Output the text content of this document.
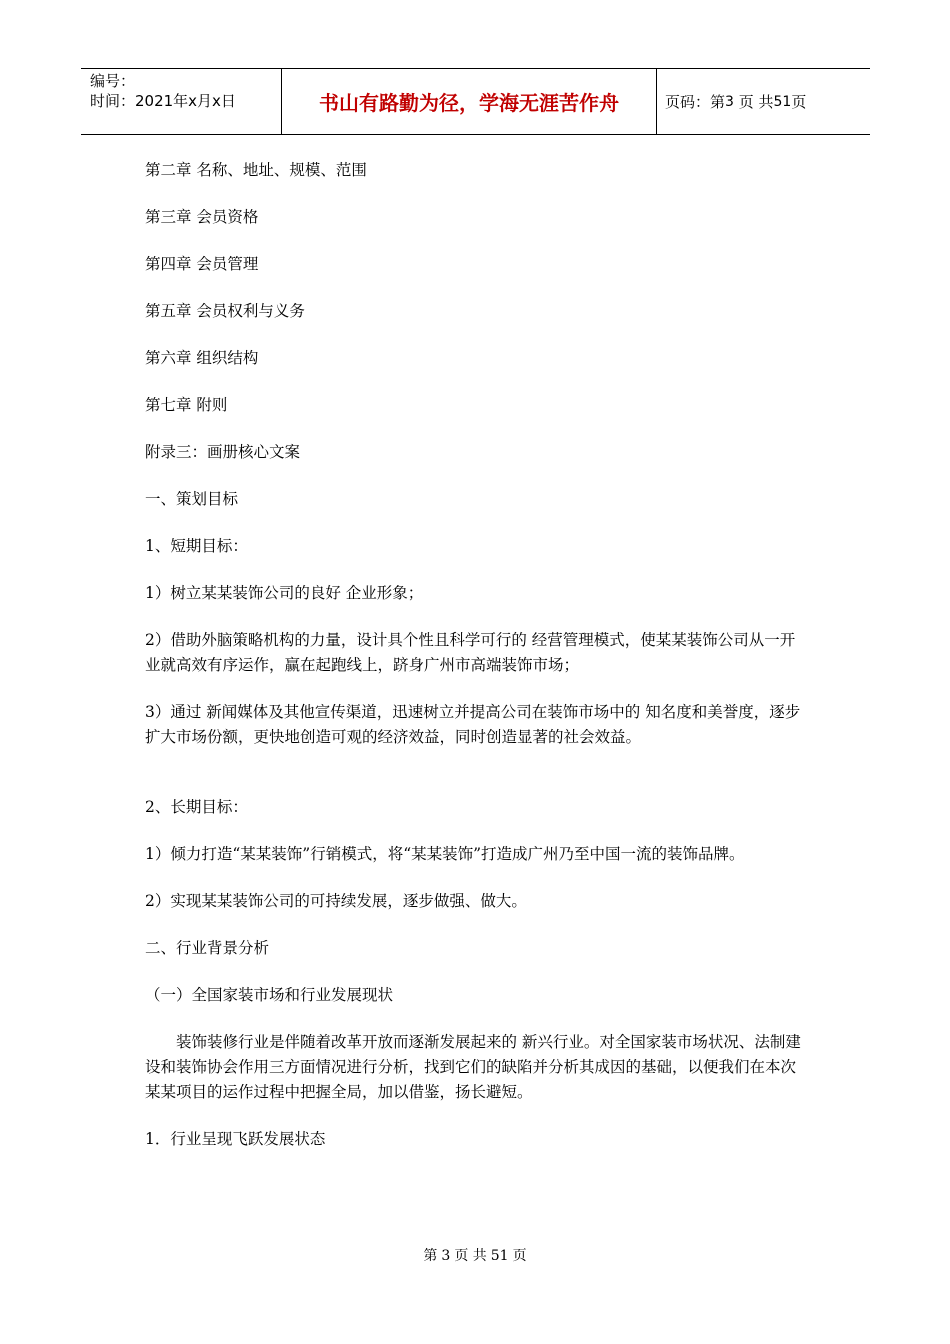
编号：
时间：2021年x月x日	书山有路勤为径，学海无涯苦作舟	页码：第 3
页 共 51 页

第二章 名称、地址、规模、范围

第三章 会员资格

第四章 会员管理

第五章 会员权利与义务

第六章 组织结构

第七章 附则

附录三：画册核心文案

一、策划目标

1、短期目标：

1）树立某某装饰公司的良好 企业形象；

2）借助外脑策略机构的力量，设计具个性且科学可行的 经营管理模式，使某某装饰公司从一开业就高效有序运作，赢在起跑线上，跻身广州市高端装饰市场；

3）通过 新闻媒体及其他宣传渠道，迅速树立并提高公司在装饰市场中的 知名度和美誉度，逐步扩大市场份额，更快地创造可观的经济效益，同时创造显著的社会效益。

2、长期目标：

1）倾力打造“某某装饰”行销模式，将“某某装饰”打造成广州乃至中国一流的装饰品牌。

2）实现某某装饰公司的可持续发展，逐步做强、做大。

二、行业背景分析

（一）全国家装市场和行业发展现状

装饰装修行业是伴随着改革开放而逐渐发展起来的 新兴行业。对全国家装市场状况、法制建设和装饰协会作用三方面情况进行分析，找到它们的缺陷并分析其成因的基础，以便我们在本次某某项目的运作过程中把握全局，加以借鉴，扬长避短。

1．行业呈现飞跃发展状态

第 3 页 共 51 页
